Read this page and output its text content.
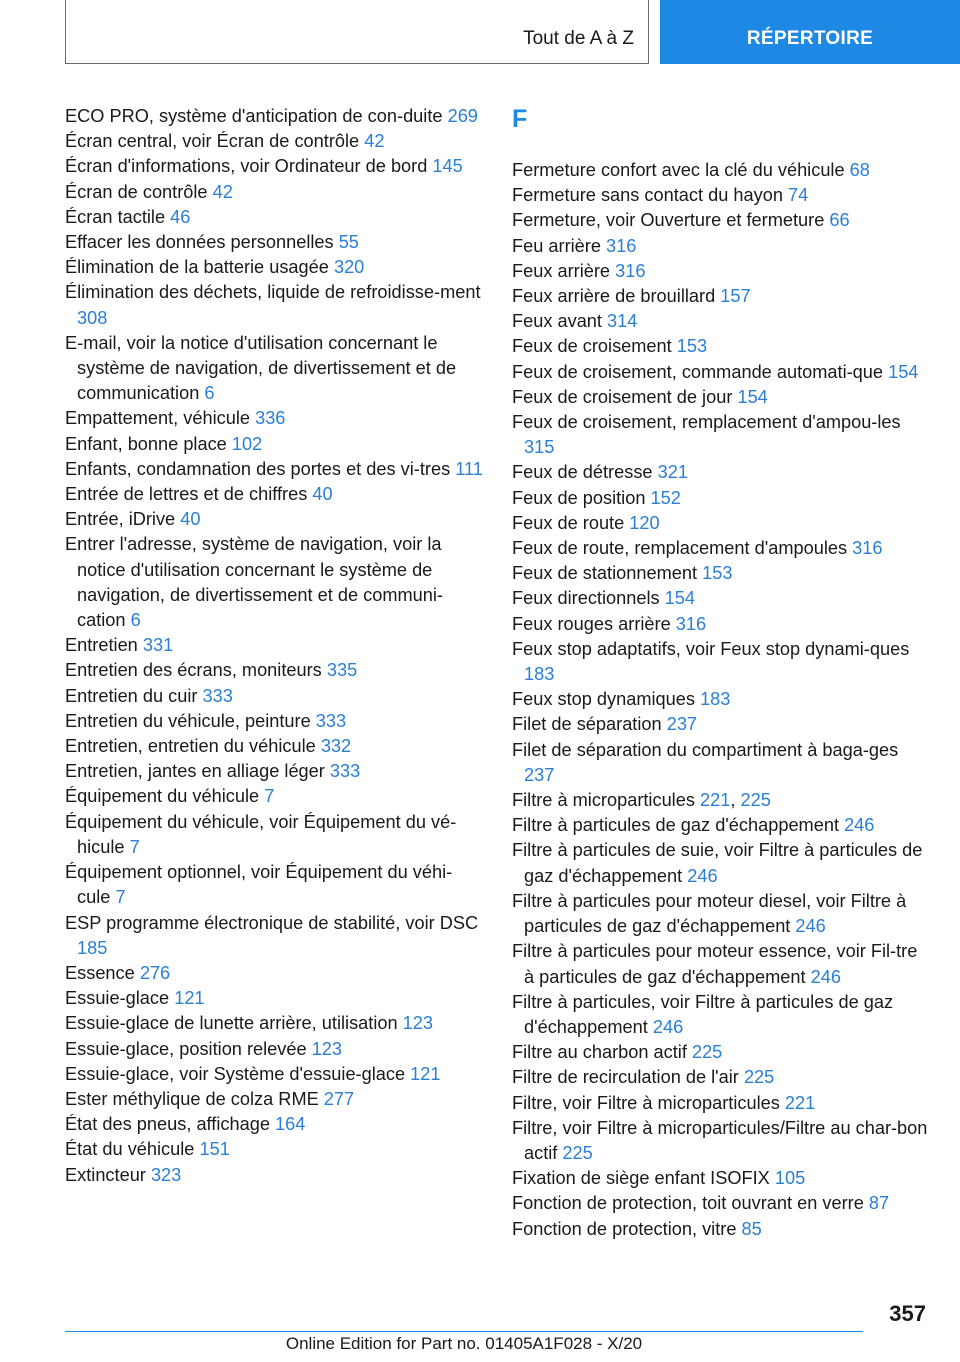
Tout de A à Z	RÉPERTOIRE
ECO PRO, système d'anticipation de con‐duite 269
Écran central, voir Écran de contrôle 42
Écran d'informations, voir Ordinateur de bord 145
Écran de contrôle 42
Écran tactile 46
Effacer les données personnelles 55
Élimination de la batterie usagée 320
Élimination des déchets, liquide de refroidisse‐ment 308
E-mail, voir la notice d'utilisation concernant le système de navigation, de divertissement et de communication 6
Empattement, véhicule 336
Enfant, bonne place 102
Enfants, condamnation des portes et des vi‐tres 111
Entrée de lettres et de chiffres 40
Entrée, iDrive 40
Entrer l'adresse, système de navigation, voir la notice d'utilisation concernant le système de navigation, de divertissement et de communi‐cation 6
Entretien 331
Entretien des écrans, moniteurs 335
Entretien du cuir 333
Entretien du véhicule, peinture 333
Entretien, entretien du véhicule 332
Entretien, jantes en alliage léger 333
Équipement du véhicule 7
Équipement du véhicule, voir Équipement du vé‐hicule 7
Équipement optionnel, voir Équipement du véhi‐cule 7
ESP programme électronique de stabilité, voir DSC 185
Essence 276
Essuie-glace 121
Essuie-glace de lunette arrière, utilisation 123
Essuie-glace, position relevée 123
Essuie-glace, voir Système d'essuie-glace 121
Ester méthylique de colza RME 277
État des pneus, affichage 164
État du véhicule 151
Extincteur 323
F
Fermeture confort avec la clé du véhicule 68
Fermeture sans contact du hayon 74
Fermeture, voir Ouverture et fermeture 66
Feu arrière 316
Feux arrière 316
Feux arrière de brouillard 157
Feux avant 314
Feux de croisement 153
Feux de croisement, commande automati‐que 154
Feux de croisement de jour 154
Feux de croisement, remplacement d'ampou‐les 315
Feux de détresse 321
Feux de position 152
Feux de route 120
Feux de route, remplacement d'ampoules 316
Feux de stationnement 153
Feux directionnels 154
Feux rouges arrière 316
Feux stop adaptatifs, voir Feux stop dynami‐ques 183
Feux stop dynamiques 183
Filet de séparation 237
Filet de séparation du compartiment à baga‐ges 237
Filtre à microparticules 221, 225
Filtre à particules de gaz d'échappement 246
Filtre à particules de suie, voir Filtre à particules de gaz d'échappement 246
Filtre à particules pour moteur diesel, voir Filtre à particules de gaz d'échappement 246
Filtre à particules pour moteur essence, voir Fil‐tre à particules de gaz d'échappement 246
Filtre à particules, voir Filtre à particules de gaz d'échappement 246
Filtre au charbon actif 225
Filtre de recirculation de l'air 225
Filtre, voir Filtre à microparticules 221
Filtre, voir Filtre à microparticules/Filtre au char‐bon actif 225
Fixation de siège enfant ISOFIX 105
Fonction de protection, toit ouvrant en verre 87
Fonction de protection, vitre 85
357
Online Edition for Part no. 01405A1F028 - X/20
